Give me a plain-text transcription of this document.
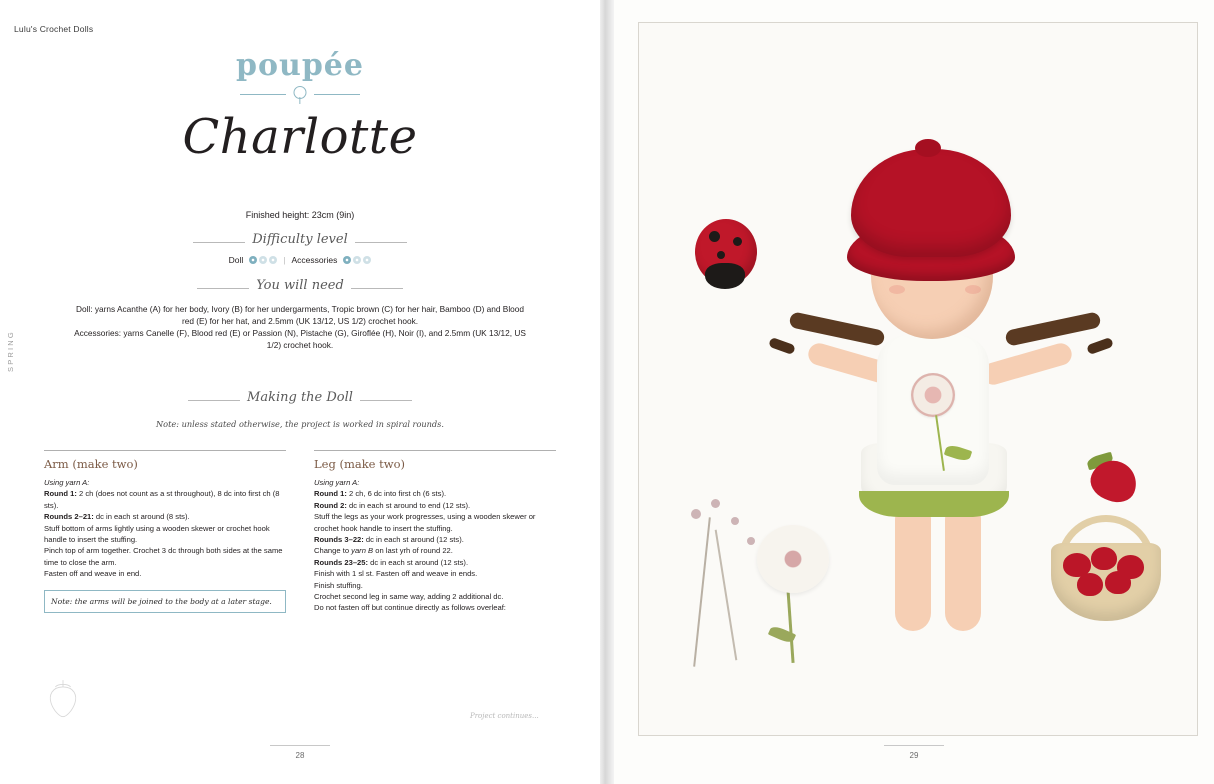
Lulu's Crochet Dolls
SPRING
poupée
Charlotte
Finished height: 23cm (9in)
Difficulty level
Doll	| Accessories
You will need
Doll: yarns Acanthe (A) for her body, Ivory (B) for her undergarments, Tropic brown (C) for her hair, Bamboo (D) and Blood red (E) for her hat, and 2.5mm (UK 13/12, US 1/2) crochet hook.
Accessories: yarns Canelle (F), Blood red (E) or Passion (N), Pistache (G), Giroflée (H), Noir (I), and 2.5mm (UK 13/12, US 1/2) crochet hook.
Making the Doll
Note: unless stated otherwise, the project is worked in spiral rounds.
Arm (make two)

Using yarn A:

Round 1: 2 ch (does not count as a st throughout), 8 dc into first ch (8 sts).

Rounds 2–21: dc in each st around (8 sts).

Stuff bottom of arms lightly using a wooden skewer or crochet hook handle to insert the stuffing.

Pinch top of arm together. Crochet 3 dc through both sides at the same time to close the arm.

Fasten off and weave in end.

Note: the arms will be joined to the body at a later stage.
Leg (make two)

Using yarn A:

Round 1: 2 ch, 6 dc into first ch (6 sts).

Round 2: dc in each st around to end (12 sts).

Stuff the legs as your work progresses, using a wooden skewer or crochet hook handle to insert the stuffing.

Rounds 3–22: dc in each st around (12 sts).

Change to yarn B on last yrh of round 22.

Rounds 23–25: dc in each st around (12 sts).

Finish with 1 sl st. Fasten off and weave in ends.

Finish stuffing.

Crochet second leg in same way, adding 2 additional dc.

Do not fasten off but continue directly as follows overleaf:

Project continues...
28	29
